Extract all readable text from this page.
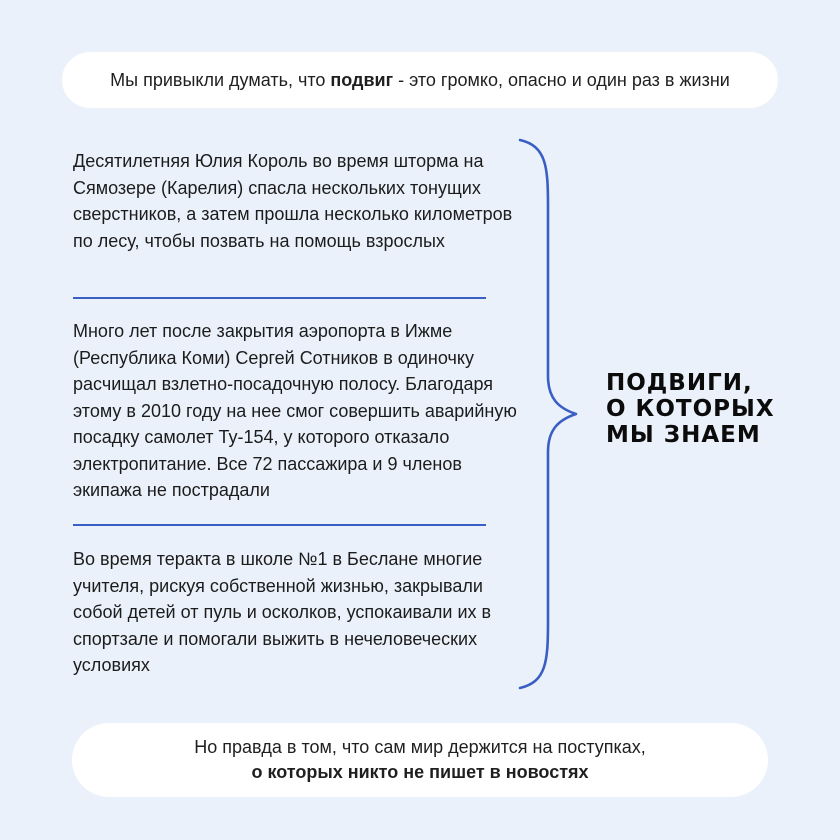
Мы привыкли думать, что подвиг - это громко, опасно и один раз в жизни
Десятилетняя Юлия Король во время шторма на Сямозере (Карелия) спасла нескольких тонущих сверстников, а затем прошла несколько километров по лесу, чтобы позвать на помощь взрослых
Много лет после закрытия аэропорта в Ижме (Республика Коми) Сергей Сотников в одиночку расчищал взлетно-посадочную полосу. Благодаря этому в 2010 году на нее смог совершить аварийную посадку самолет Ту-154, у которого отказало электропитание. Все 72 пассажира и 9 членов экипажа не пострадали
Во время теракта в школе №1 в Беслане многие учителя, рискуя собственной жизнью, закрывали собой детей от пуль и осколков, успокаивали их в спортзале и помогали выжить в нечеловеческих условиях
ПОДВИГИ,
О КОТОРЫХ
МЫ ЗНАЕМ
Но правда в том, что сам мир держится на поступках,
о которых никто не пишет в новостях
